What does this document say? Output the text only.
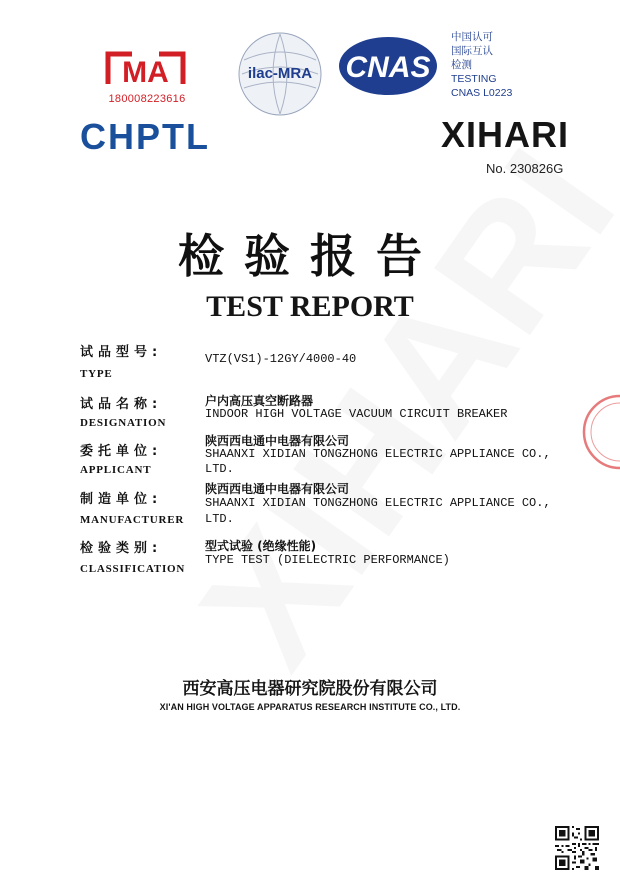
MA
180008223616
ilac-MRA CNAS
中国认可
国际互认
检测
TESTING
CNAS L0223
CHPTL	XIHARI
No. 230826G
检验报告
TEST REPORT
试品型号:	VTZ(VS1)-12GY/4000-40
TYPE
试品名称:	户内高压真空断路器
INDOOR HIGH VOLTAGE VACUUM CIRCUIT BREAKER
DESIGNATION
委托单位:
陕西西电通中电器有限公司
SHAANXI XIDIAN TONGZHONG ELECTRIC APPLIANCE CO.,
LTD.
APPLICANT
制造单位:
陕西西电通中电器有限公司
SHAANXI XIDIAN TONGZHONG ELECTRIC APPLIANCE CO.,
LTD.
MANUFACTURER
检验类别:	型式试验 (绝缘性能)
TYPE TEST (DIELECTRIC PERFORMANCE)
CLASSIFICATION
西安高压电器研究院股份有限公司
XI'AN HIGH VOLTAGE APPARATUS RESEARCH INSTITUTE CO., LTD.
